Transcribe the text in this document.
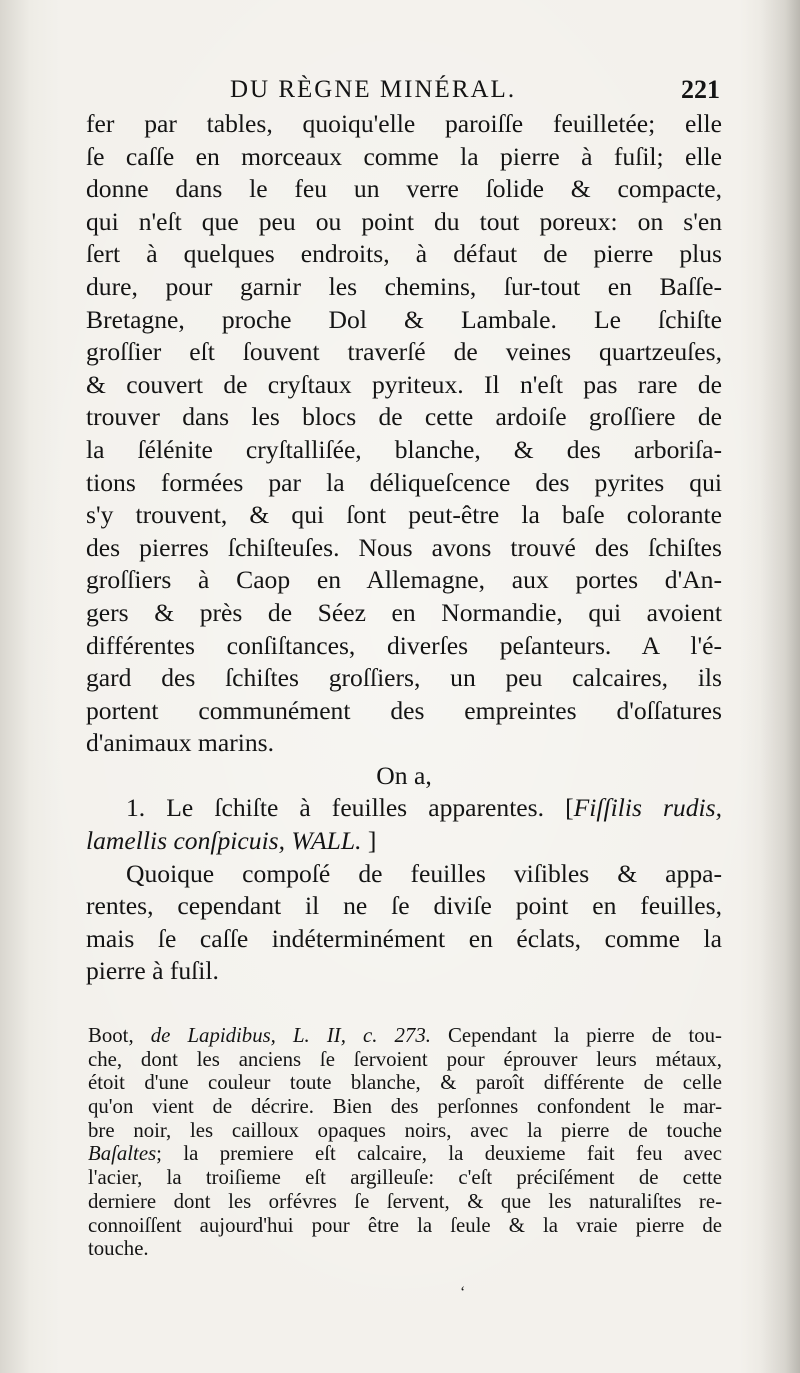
DU RÈGNE MINÉRAL.	221
fer par tables, quoiqu'elle paroiſſe feuilletée; elle
ſe caſſe en morceaux comme la pierre à fuſil; elle
donne dans le feu un verre ſolide & compacte,
qui n'eſt que peu ou point du tout poreux: on s'en
ſert à quelques endroits, à défaut de pierre plus
dure, pour garnir les chemins, ſur-tout en Baſſe-
Bretagne, proche Dol & Lambale. Le ſchiſte
groſſier eſt ſouvent traverſé de veines quartzeuſes,
& couvert de cryſtaux pyriteux. Il n'eſt pas rare de
trouver dans les blocs de cette ardoiſe groſſiere de
la ſélénite cryſtalliſée, blanche, & des arboriſa-
tions formées par la déliqueſcence des pyrites qui
s'y trouvent, & qui ſont peut-être la baſe colorante
des pierres ſchiſteuſes. Nous avons trouvé des ſchiſtes
groſſiers à Caop en Allemagne, aux portes d'An-
gers & près de Séez en Normandie, qui avoient
différentes conſiſtances, diverſes peſanteurs. A l'é-
gard des ſchiſtes groſſiers, un peu calcaires, ils
portent communément des empreintes d'oſſatures
d'animaux marins.
On a,
1. Le ſchiſte à feuilles apparentes. [Fiſſilis rudis,
lamellis conſpicuis, WALL. ]
Quoique compoſé de feuilles viſibles & appa-
rentes, cependant il ne ſe diviſe point en feuilles,
mais ſe caſſe indéterminément en éclats, comme la
pierre à fuſil.
Boot, de Lapidibus, L. II, c. 273. Cependant la pierre de tou-
che, dont les anciens ſe ſervoient pour éprouver leurs métaux,
étoit d'une couleur toute blanche, & paroît différente de celle
qu'on vient de décrire. Bien des perſonnes confondent le mar-
bre noir, les cailloux opaques noirs, avec la pierre de touche
Baſaltes; la premiere eſt calcaire, la deuxieme fait feu avec
l'acier, la troiſieme eſt argilleuſe: c'eſt préciſément de cette
derniere dont les orfévres ſe ſervent, & que les naturaliſtes re-
connoiſſent aujourd'hui pour être la ſeule & la vraie pierre de
touche.
ʻ
